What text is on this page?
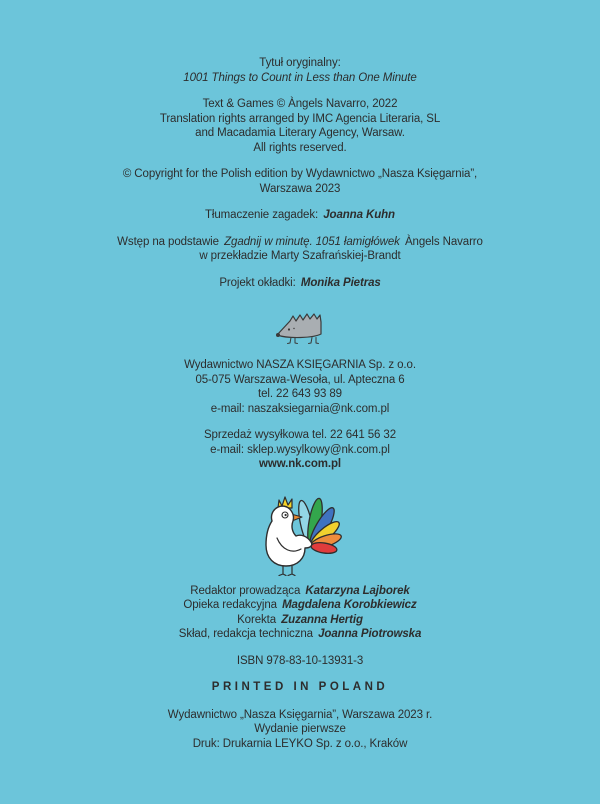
Tytuł oryginalny:
1001 Things to Count in Less than One Minute

Text & Games © Àngels Navarro, 2022
Translation rights arranged by IMC Agencia Literaria, SL
and Macadamia Literary Agency, Warsaw.
All rights reserved.

© Copyright for the Polish edition by Wydawnictwo „Nasza Księgarnia”,
Warszawa 2023

Tłumaczenie zagadek: Joanna Kuhn

Wstęp na podstawie Zgadnij w minutę. 1051 łamigłówek Àngels Navarro
w przekładzie Marty Szafrańskiej-Brandt

Projekt okładki: Monika Pietras

Wydawnictwo NASZA KSIĘGARNIA Sp. z o.o.
05-075 Warszawa-Wesoła, ul. Apteczna 6
tel. 22 643 93 89
e-mail: naszaksiegarnia@nk.com.pl

Sprzedaż wysyłkowa tel. 22 641 56 32
e-mail: sklep.wysylkowy@nk.com.pl
www.nk.com.pl

Redaktor prowadząca Katarzyna Lajborek
Opieka redakcyjna Magdalena Korobkiewicz
Korekta Zuzanna Hertig
Skład, redakcja techniczna Joanna Piotrowska

ISBN 978-83-10-13931-3

PRINTED IN POLAND

Wydawnictwo „Nasza Księgarnia”, Warszawa 2023 r.
Wydanie pierwsze
Druk: Drukarnia LEYKO Sp. z o.o., Kraków
